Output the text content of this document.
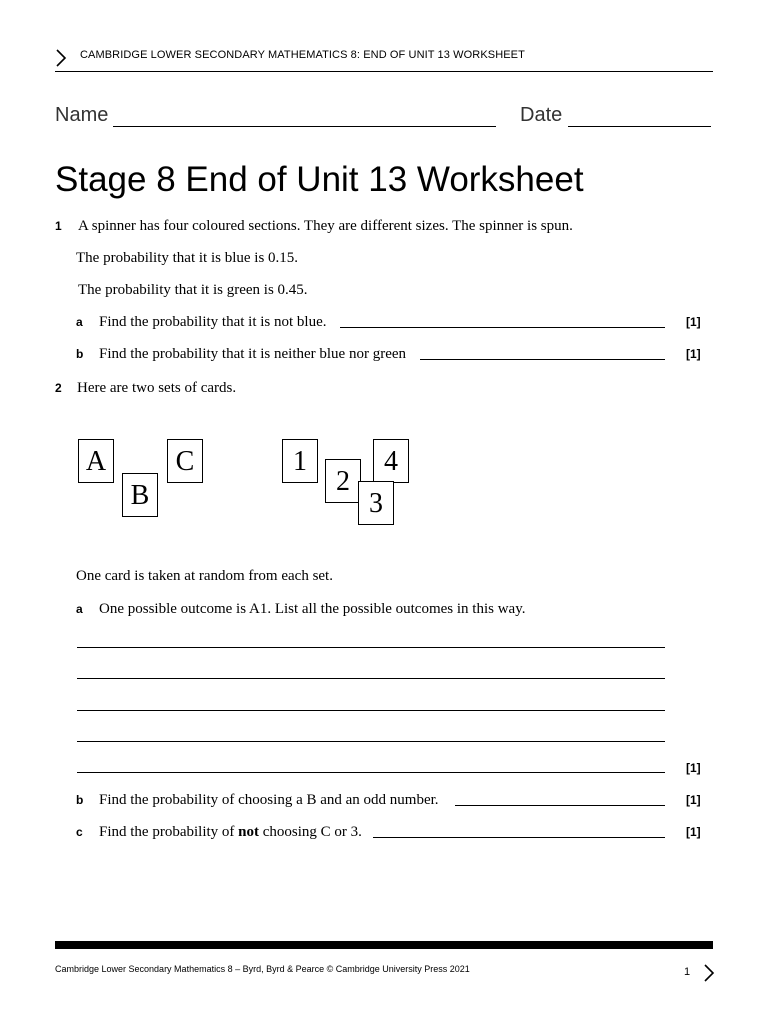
CAMBRIDGE LOWER SECONDARY MATHEMATICS 8: END OF UNIT 13 WORKSHEET
Name	Date
Stage 8 End of Unit 13 Worksheet
1 A spinner has four coloured sections. They are different sizes. The spinner is spun.
The probability that it is blue is 0.15.
The probability that it is green is 0.45.
a Find the probability that it is not blue.	[1]
b Find the probability that it is neither blue nor green	[1]
2 Here are two sets of cards.
A
B
C	1
2
4
3
One card is taken at random from each set.
a One possible outcome is A1. List all the possible outcomes in this way.
[1]
b Find the probability of choosing a B and an odd number.	[1]
c Find the probability of not choosing C or 3.	[1]
Cambridge Lower Secondary Mathematics 8 – Byrd, Byrd & Pearce © Cambridge University Press 2021	1
